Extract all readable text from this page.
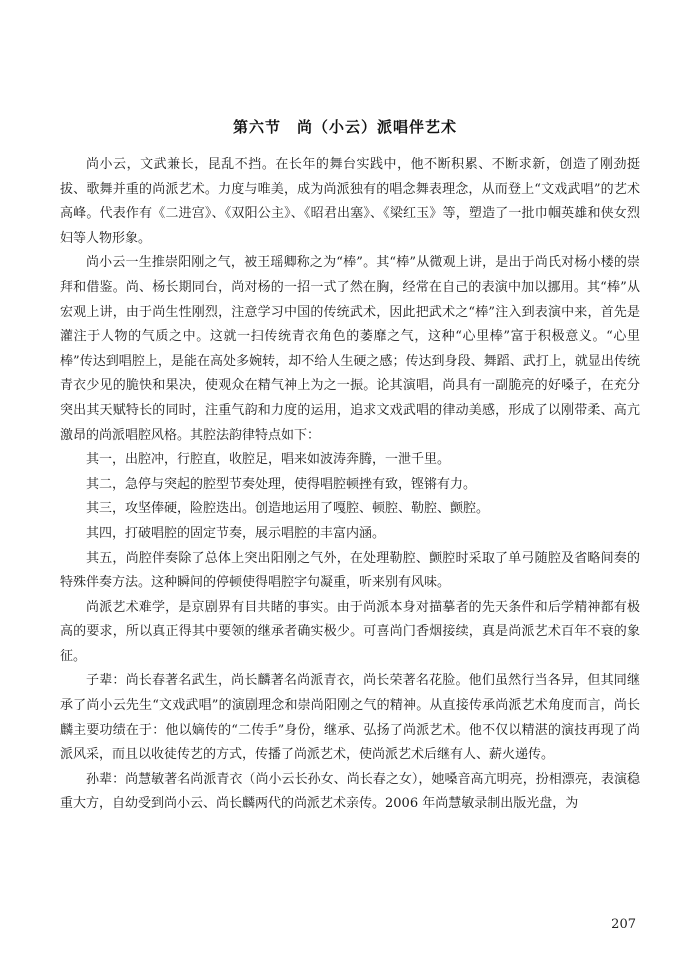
第六节　尚（小云）派唱伴艺术

尚小云，文武兼长，昆乱不挡。在长年的舞台实践中，他不断积累、不断求新，创造了刚劲挺拔、歌舞并重的尚派艺术。力度与唯美，成为尚派独有的唱念舞表理念，从而登上“文戏武唱”的艺术高峰。代表作有《二进宫》、《双阳公主》、《昭君出塞》、《梁红玉》等，塑造了一批巾帼英雄和侠女烈妇等人物形象。

尚小云一生推崇阳刚之气，被王瑶卿称之为“棒”。其“棒”从微观上讲，是出于尚氏对杨小楼的崇拜和借鉴。尚、杨长期同台，尚对杨的一招一式了然在胸，经常在自己的表演中加以挪用。其“棒”从宏观上讲，由于尚生性刚烈，注意学习中国的传统武术，因此把武术之“棒”注入到表演中来，首先是灌注于人物的气质之中。这就一扫传统青衣角色的萎靡之气，这种“心里棒”富于积极意义。“心里棒”传达到唱腔上，是能在高处多婉转，却不给人生硬之感；传达到身段、舞蹈、武打上，就显出传统青衣少见的脆快和果决，使观众在精气神上为之一振。论其演唱，尚具有一副脆亮的好嗓子，在充分突出其天赋特长的同时，注重气韵和力度的运用，追求文戏武唱的律动美感，形成了以刚带柔、高亢激昂的尚派唱腔风格。其腔法韵律特点如下：

其一，出腔冲，行腔直，收腔足，唱来如波涛奔腾，一泄千里。

其二，急停与突起的腔型节奏处理，使得唱腔顿挫有致，铿锵有力。

其三，攻坚俸硬，险腔迭出。创造地运用了嘎腔、顿腔、勒腔、颤腔。

其四，打破唱腔的固定节奏，展示唱腔的丰富内涵。

其五，尚腔伴奏除了总体上突出阳刚之气外，在处理勒腔、颤腔时采取了单弓随腔及省略间奏的特殊伴奏方法。这种瞬间的停顿使得唱腔字句凝重，听来别有风味。

尚派艺术难学，是京剧界有目共睹的事实。由于尚派本身对描摹者的先天条件和后学精神都有极高的要求，所以真正得其中要领的继承者确实极少。可喜尚门香烟接续，真是尚派艺术百年不衰的象征。

子辈：尚长春著名武生，尚长麟著名尚派青衣，尚长荣著名花脸。他们虽然行当各异，但其同继承了尚小云先生“文戏武唱”的演剧理念和崇尚阳刚之气的精神。从直接传承尚派艺术角度而言，尚长麟主要功绩在于：他以嫡传的“二传手”身份，继承、弘扬了尚派艺术。他不仅以精湛的演技再现了尚派风采，而且以收徒传艺的方式，传播了尚派艺术，使尚派艺术后继有人、薪火递传。

孙辈：尚慧敏著名尚派青衣（尚小云长孙女、尚长春之女），她嗓音高亢明亮，扮相漂亮，表演稳重大方，自幼受到尚小云、尚长麟两代的尚派艺术亲传。2006 年尚慧敏录制出版光盘，为

207
